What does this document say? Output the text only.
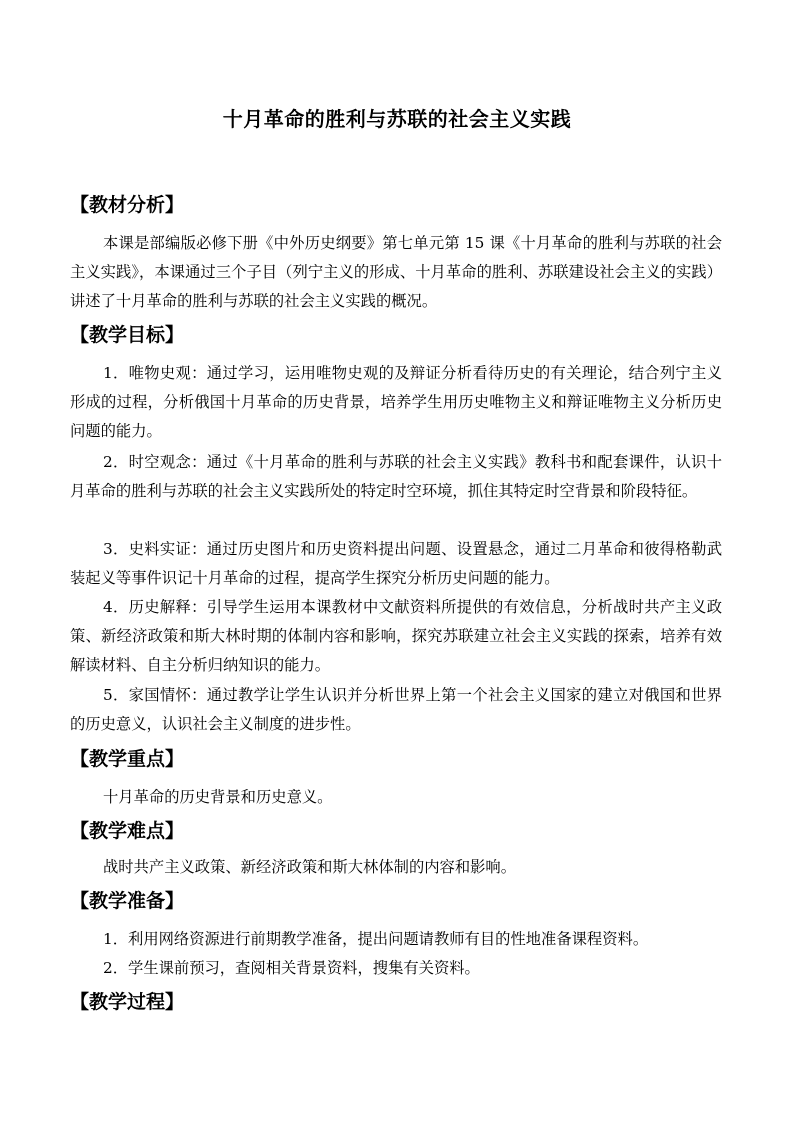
十月革命的胜利与苏联的社会主义实践
【教材分析】

本课是部编版必修下册《中外历史纲要》第七单元第 15 课《十月革命的胜利与苏联的社会主义实践》，本课通过三个子目（列宁主义的形成、十月革命的胜利、苏联建设社会主义的实践）讲述了十月革命的胜利与苏联的社会主义实践的概况。

【教学目标】

1．唯物史观：通过学习，运用唯物史观的及辩证分析看待历史的有关理论，结合列宁主义形成的过程，分析俄国十月革命的历史背景，培养学生用历史唯物主义和辩证唯物主义分析历史问题的能力。

2．时空观念：通过《十月革命的胜利与苏联的社会主义实践》教科书和配套课件，认识十月革命的胜利与苏联的社会主义实践所处的特定时空环境，抓住其特定时空背景和阶段特征。

3．史料实证：通过历史图片和历史资料提出问题、设置悬念，通过二月革命和彼得格勒武装起义等事件识记十月革命的过程，提高学生探究分析历史问题的能力。

4．历史解释：引导学生运用本课教材中文献资料所提供的有效信息，分析战时共产主义政策、新经济政策和斯大林时期的体制内容和影响，探究苏联建立社会主义实践的探索，培养有效解读材料、自主分析归纳知识的能力。

5．家国情怀：通过教学让学生认识并分析世界上第一个社会主义国家的建立对俄国和世界的历史意义，认识社会主义制度的进步性。

【教学重点】

十月革命的历史背景和历史意义。

【教学难点】

战时共产主义政策、新经济政策和斯大林体制的内容和影响。

【教学准备】

1．利用网络资源进行前期教学准备，提出问题请教师有目的性地准备课程资料。

2．学生课前预习，查阅相关背景资料，搜集有关资料。

【教学过程】
